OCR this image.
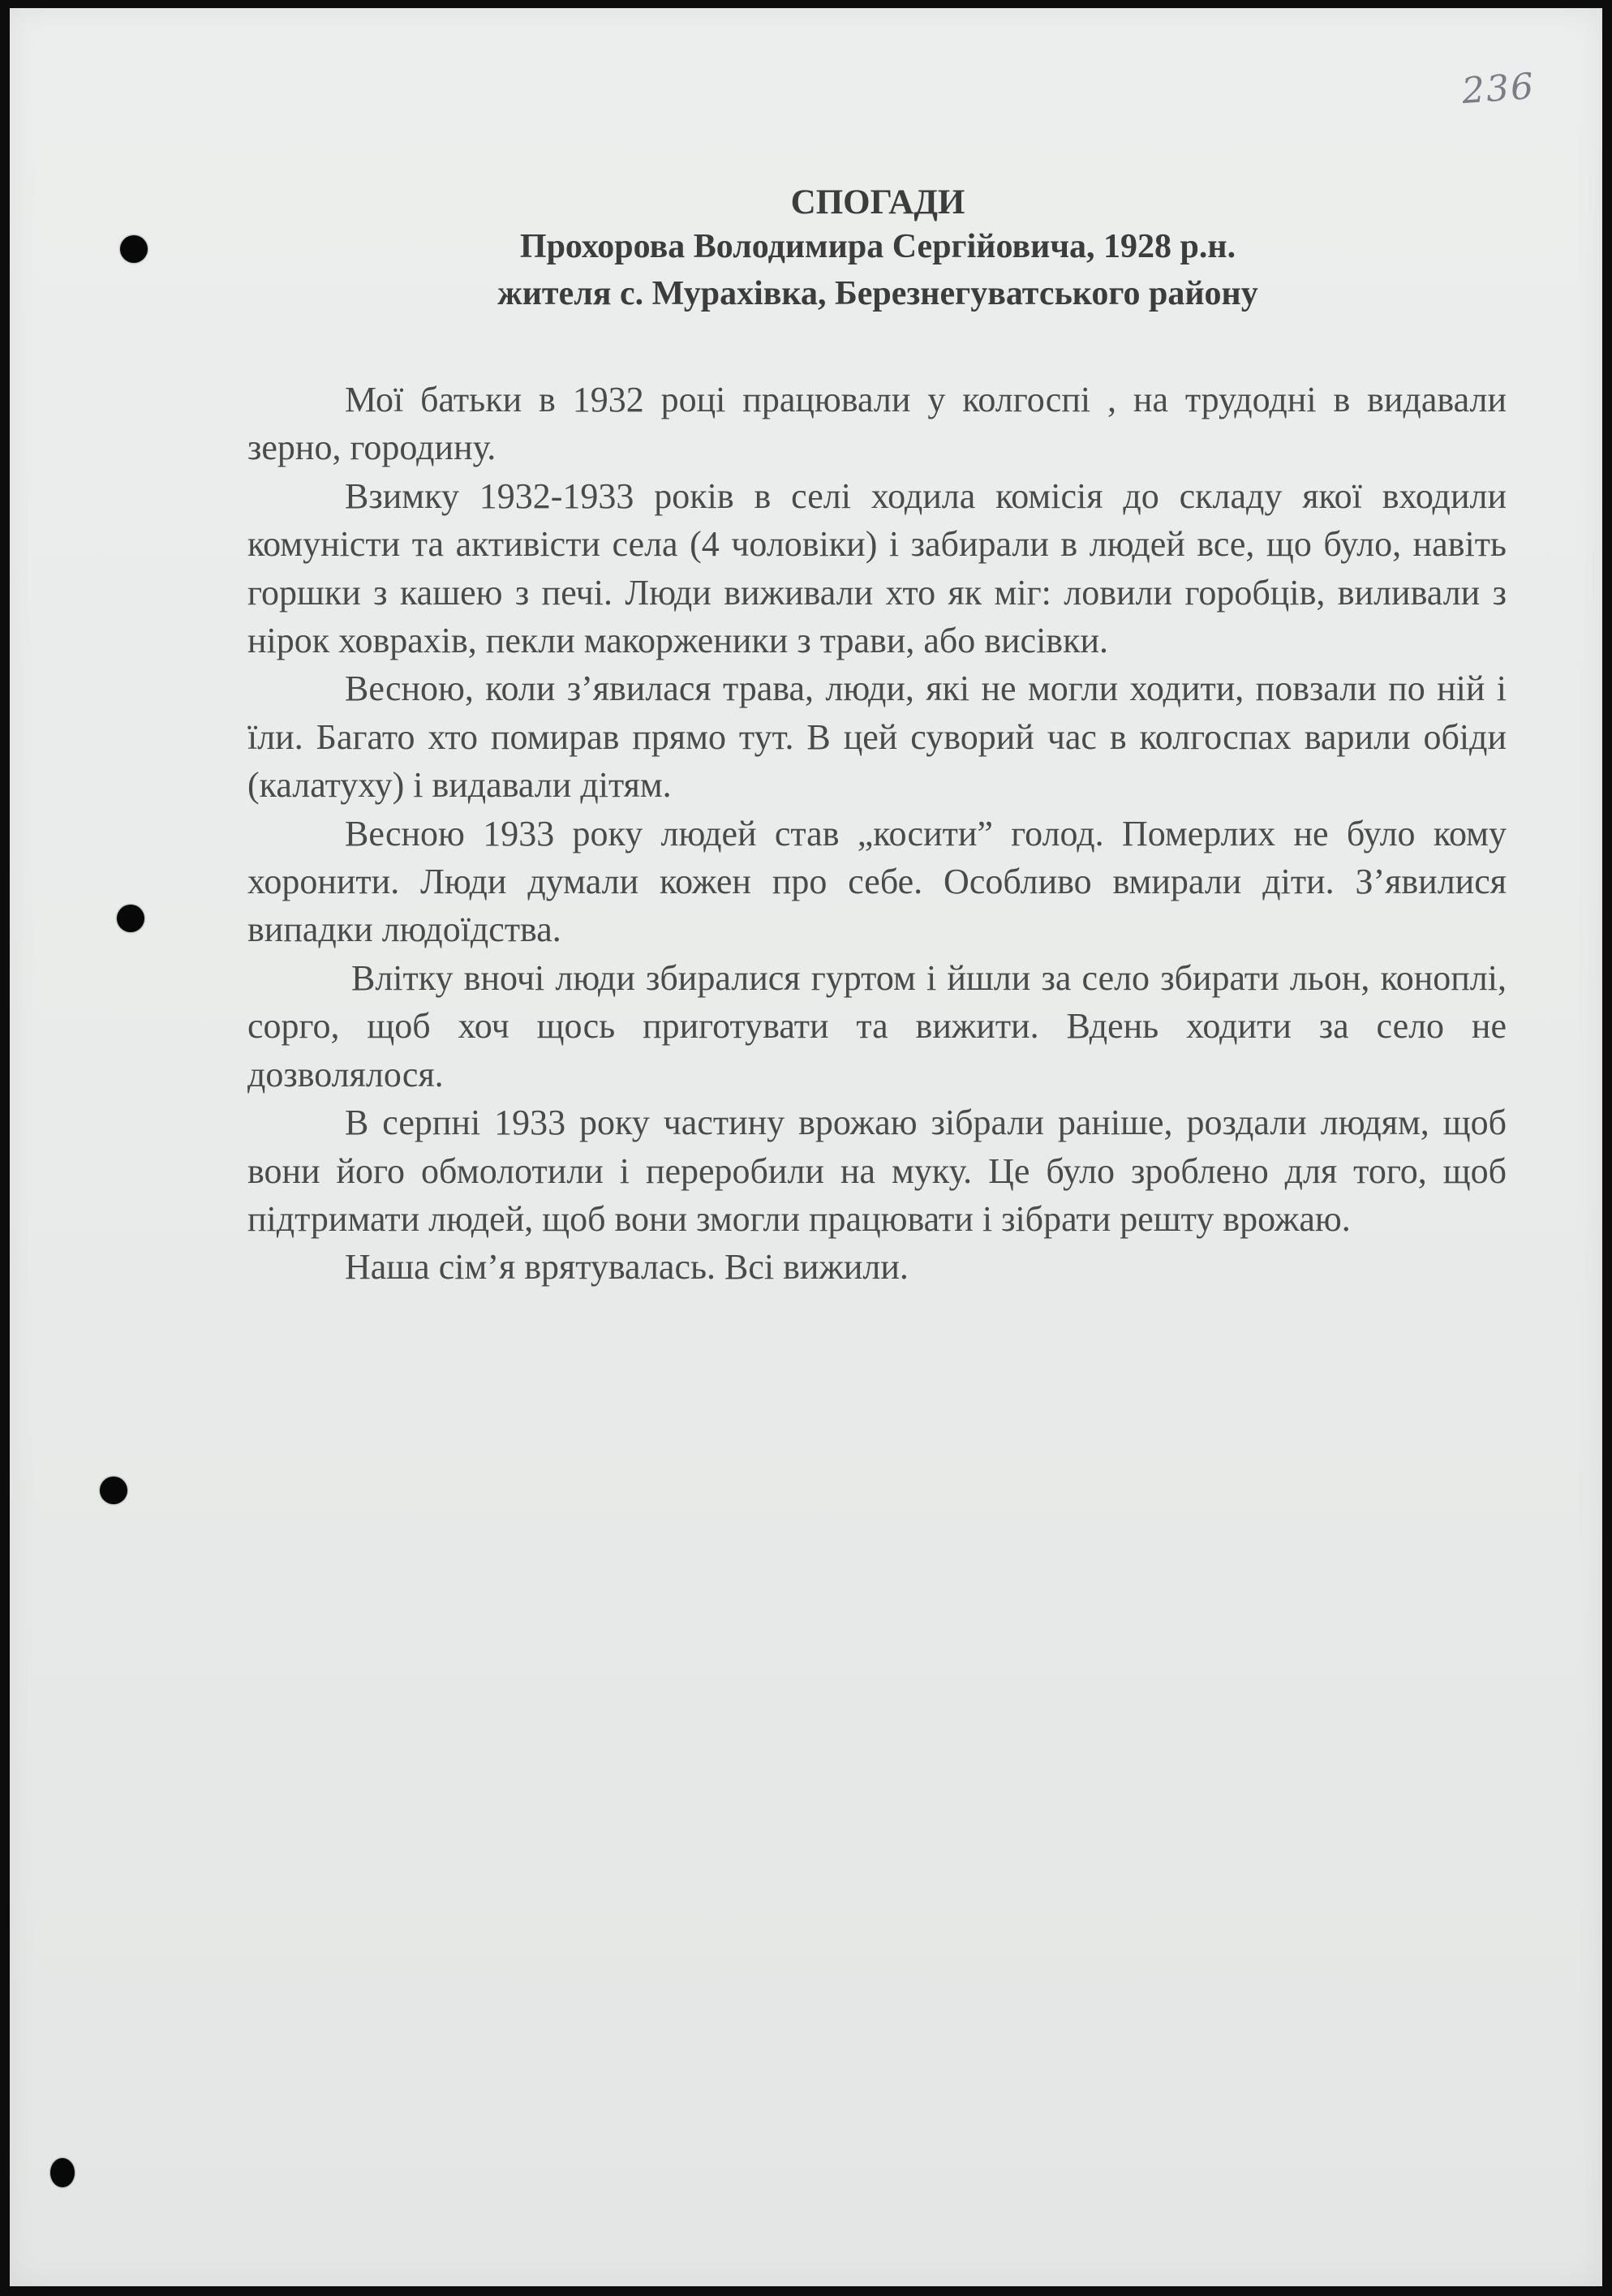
236
СПОГАДИ
Прохорова Володимира Сергійовича, 1928 р.н.
жителя с. Мурахівка, Березнегуватського району

Мої батьки в 1932 році працювали у колгоспі , на трудодні в видавали зерно, городину.

Взимку 1932-1933 років в селі ходила комісія до складу якої входили комуністи та активісти села (4 чоловіки) і забирали в людей все, що було, навіть горшки з кашею з печі. Люди виживали хто як міг: ловили горобців, виливали з нірок ховрахів, пекли макорженики з трави, або висівки.

Весною, коли з’явилася трава, люди, які не могли ходити, повзали по ній і їли. Багато хто помирав прямо тут. В цей суворий час в колгоспах варили обіди (калатуху) і видавали дітям.

Весною 1933 року людей став „косити” голод. Померлих не було кому хоронити. Люди думали кожен про себе. Особливо вмирали діти. З’явилися випадки людоїдства.

Влітку вночі люди збиралися гуртом і йшли за село збирати льон, коноплі, сорго, щоб хоч щось приготувати та вижити. Вдень ходити за село не дозволялося.

В серпні 1933 року частину врожаю зібрали раніше, роздали людям, щоб вони його обмолотили і переробили на муку. Це було зроблено для того, щоб підтримати людей, щоб вони змогли працювати і зібрати решту врожаю.

Наша сім’я врятувалась. Всі вижили.
